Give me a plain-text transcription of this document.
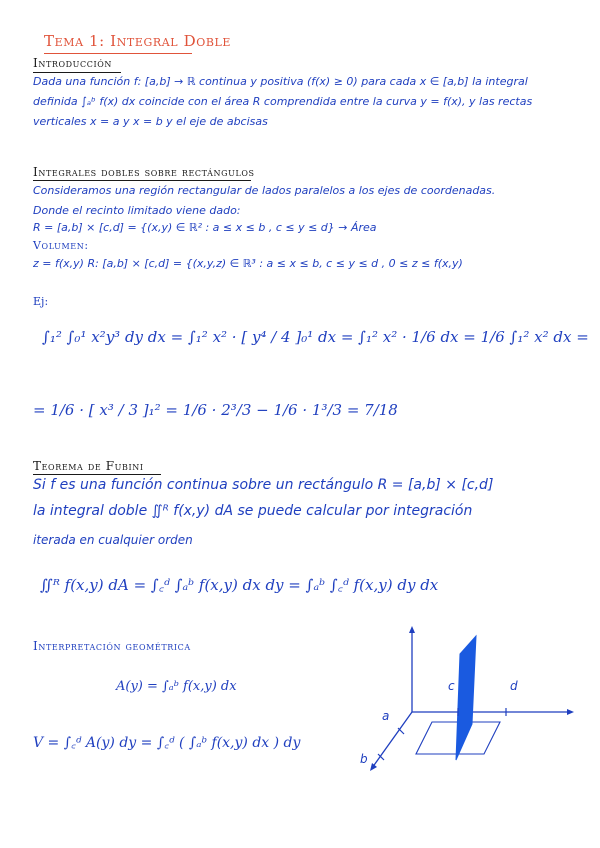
Tema 1: Integral Doble
Introducción
Dada una función f: [a,b] → ℝ continua y positiva (f(x) ≥ 0) para cada x ∈ [a,b] la integral
definida ∫ₐᵇ f(x) dx coincide con el área R comprendida entre la curva y = f(x), y las rectas
verticales x = a y x = b y el eje de abcisas
Integrales dobles sobre rectángulos
Consideramos una región rectangular de lados paralelos a los ejes de coordenadas.
Donde el recinto limitado viene dado:
R = [a,b] × [c,d] = {(x,y) ∈ ℝ² : a ≤ x ≤ b , c ≤ y ≤ d} → Área
Volumen:
z = f(x,y) R: [a,b] × [c,d] = {(x,y,z) ∈ ℝ³ : a ≤ x ≤ b, c ≤ y ≤ d , 0 ≤ z ≤ f(x,y)
Ej:
∫₁² ∫₀¹ x²y³ dy dx = ∫₁² x² · [ y⁴ / 4 ]₀¹ dx = ∫₁² x² · 1/6 dx = 1/6 ∫₁² x² dx =
= 1/6 · [ x³ / 3 ]₁² = 1/6 · 2³/3 − 1/6 · 1³/3 = 7/18
Teorema de Fubini
Si f es una función continua sobre un rectángulo R = [a,b] × [c,d]
la integral doble ∬ᴿ f(x,y) dA se puede calcular por integración
iterada en cualquier orden
∬ᴿ f(x,y) dA = ∫꜀ᵈ ∫ₐᵇ f(x,y) dx dy = ∫ₐᵇ ∫꜀ᵈ f(x,y) dy dx
Interpretación geométrica
A(y) = ∫ₐᵇ f(x,y) dx
V = ∫꜀ᵈ A(y) dy = ∫꜀ᵈ ( ∫ₐᵇ f(x,y) dx ) dy
c	d
a
b
